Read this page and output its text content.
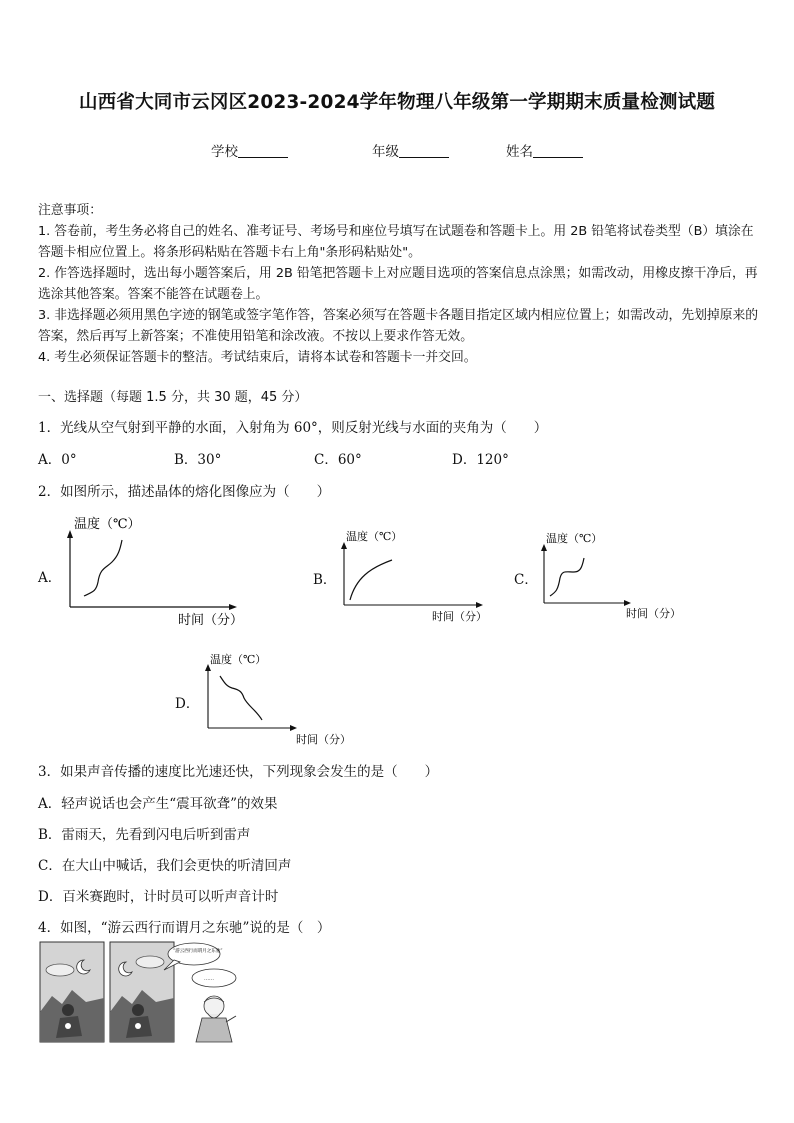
山西省大同市云冈区2023-2024学年物理八年级第一学期期末质量检测试题
学校	年级	姓名

注意事项：

1. 答卷前，考生务必将自己的姓名、准考证号、考场号和座位号填写在试题卷和答题卡上。用 2B 铅笔将试卷类型（B）填涂在答题卡相应位置上。将条形码粘贴在答题卡右上角"条形码粘贴处"。

2. 作答选择题时，选出每小题答案后，用 2B 铅笔把答题卡上对应题目选项的答案信息点涂黑；如需改动，用橡皮擦干净后，再选涂其他答案。答案不能答在试题卷上。

3. 非选择题必须用黑色字迹的钢笔或签字笔作答，答案必须写在答题卡各题目指定区域内相应位置上；如需改动，先划掉原来的答案，然后再写上新答案；不准使用铅笔和涂改液。不按以上要求作答无效。

4. 考生必须保证答题卡的整洁。考试结束后，请将本试卷和答题卡一并交回。

一、选择题（每题 1.5 分，共 30 题，45 分）
1．光线从空气射到平静的水面，入射角为 60°，则反射光线与水面的夹角为（　　）
A．0°	B．30°	C．60°	D．120°
2．如图所示，描述晶体的熔化图像应为（　　）
A．
温度（℃）
时间（分）
B．
温度（℃）
时间（分）
C．
温度（℃）
时间（分）
D．
温度（℃）
时间（分）
3．如果声音传播的速度比光速还快，下列现象会发生的是（　　）
A．轻声说话也会产生“震耳欲聋”的效果
B．雷雨天，先看到闪电后听到雷声
C．在大山中喊话，我们会更快的听清回声
D．百米赛跑时，计时员可以听声音计时
4．如图，“游云西行而谓月之东驰”说的是（　）
“游云西行而谓月之东驰”
……
